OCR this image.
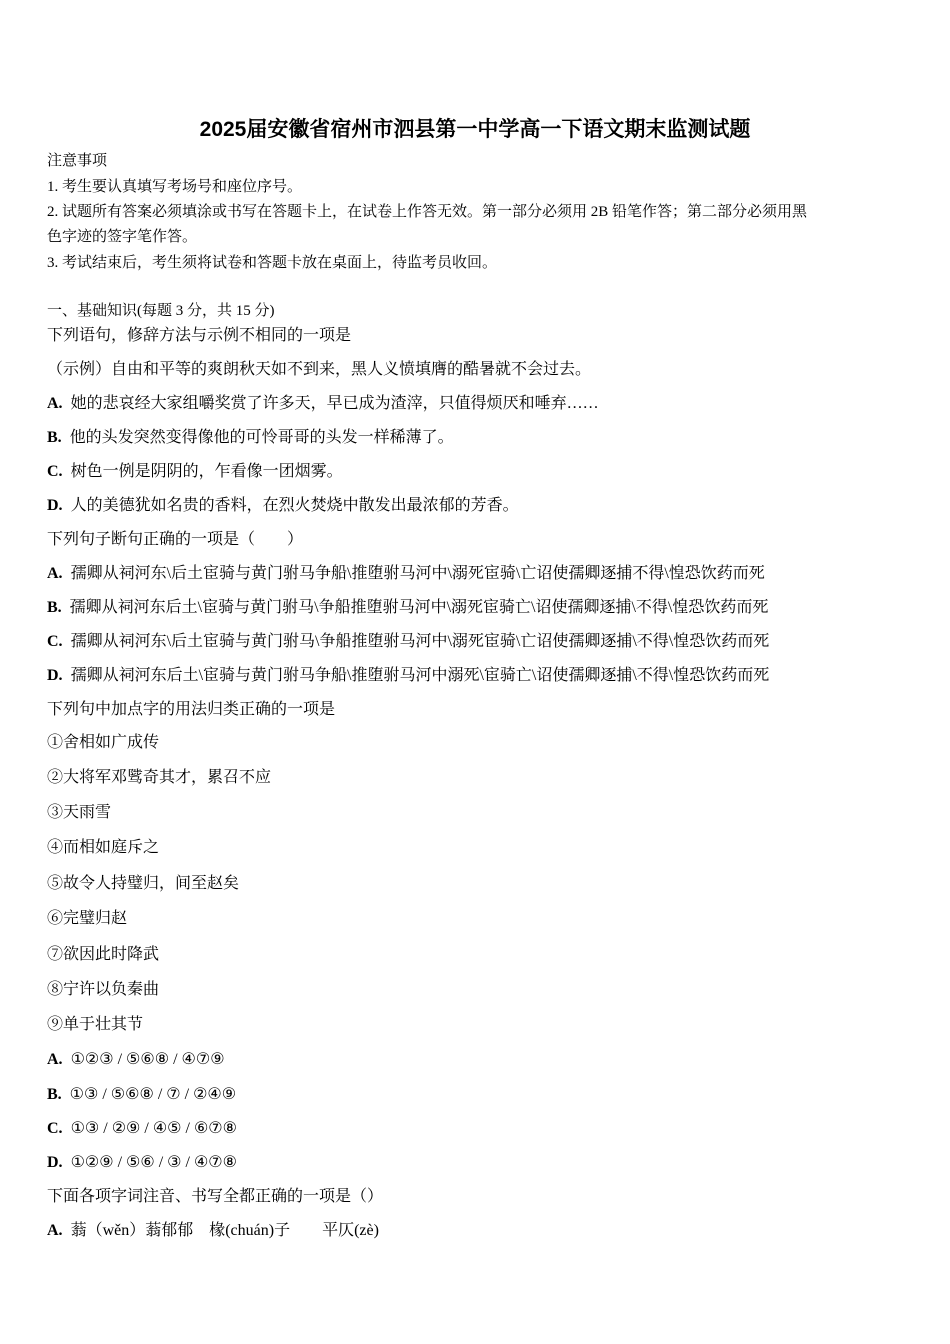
2025届安徽省宿州市泗县第一中学高一下语文期末监测试题
注意事项
1. 考生要认真填写考场号和座位序号。
2. 试题所有答案必须填涂或书写在答题卡上，在试卷上作答无效。第一部分必须用 2B 铅笔作答；第二部分必须用黑
色字迹的签字笔作答。
3. 考试结束后，考生须将试卷和答题卡放在桌面上，待监考员收回。
一、基础知识(每题 3 分，共 15 分)
下列语句，修辞方法与示例不相同的一项是
（示例）自由和平等的爽朗秋天如不到来，黑人义愤填膺的酷暑就不会过去。
A. 她的悲哀经大家组嚼奖赏了许多天，早已成为渣滓，只值得烦厌和唾弃……
B. 他的头发突然变得像他的可怜哥哥的头发一样稀薄了。
C. 树色一例是阴阴的，乍看像一团烟雾。
D. 人的美德犹如名贵的香料，在烈火焚烧中散发出最浓郁的芳香。
下列句子断句正确的一项是（　　）
A. 孺卿从祠河东\后土宦骑与黄门驸马争船\推堕驸马河中\溺死宦骑\亡诏使孺卿逐捕不得\惶恐饮药而死
B. 孺卿从祠河东后土\宦骑与黄门驸马\争船推堕驸马河中\溺死宦骑亡\诏使孺卿逐捕\不得\惶恐饮药而死
C. 孺卿从祠河东\后土宦骑与黄门驸马\争船推堕驸马河中\溺死宦骑\亡诏使孺卿逐捕\不得\惶恐饮药而死
D. 孺卿从祠河东后土\宦骑与黄门驸马争船\推堕驸马河中溺死\宦骑亡\诏使孺卿逐捕\不得\惶恐饮药而死
下列句中加点字的用法归类正确的一项是
①舍相如广成传
②大将军邓骘奇其才，累召不应
③天雨雪
④而相如庭斥之
⑤故令人持璧归，间至赵矣
⑥完璧归赵
⑦欲因此时降武
⑧宁许以负秦曲
⑨单于壮其节
A. ①②③ / ⑤⑥⑧ / ④⑦⑨
B. ①③ / ⑤⑥⑧ / ⑦ / ②④⑨
C. ①③ / ②⑨ / ④⑤ / ⑥⑦⑧
D. ①②⑨ / ⑤⑥ / ③ / ④⑦⑧
下面各项字词注音、书写全都正确的一项是（）
A. 蓊（wěn）蓊郁郁　椽(chuán)子　　平仄(zè)
